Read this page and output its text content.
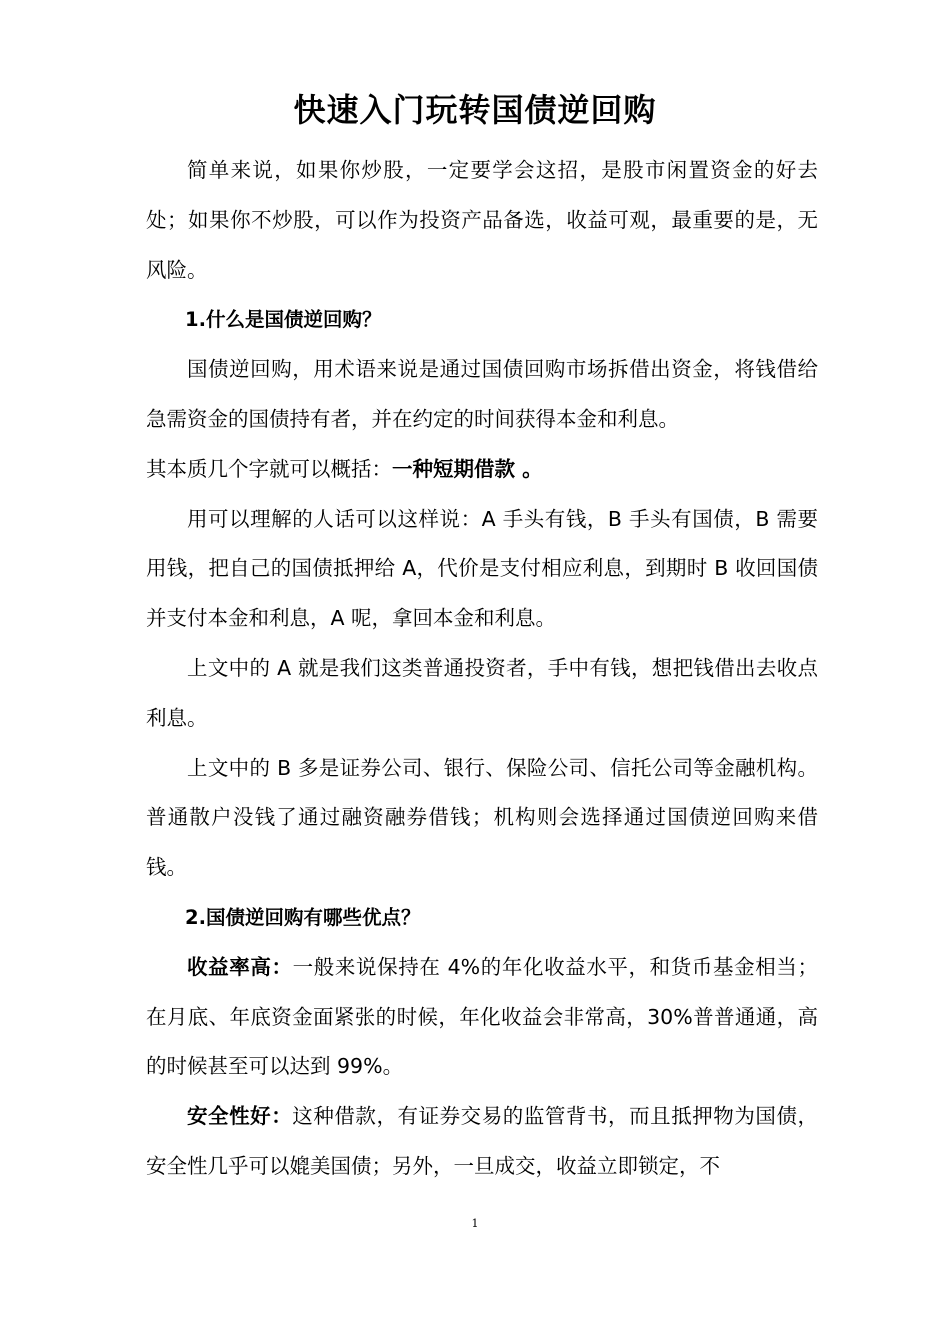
快速入门玩转国债逆回购

简单来说，如果你炒股，一定要学会这招，是股市闲置资金的好去处；如果你不炒股，可以作为投资产品备选，收益可观，最重要的是，无风险。

1.什么是国债逆回购？

国债逆回购，用术语来说是通过国债回购市场拆借出资金，将钱借给急需资金的国债持有者，并在约定的时间获得本金和利息。

其本质几个字就可以概括：一种短期借款 。

用可以理解的人话可以这样说：A 手头有钱，B 手头有国债，B 需要用钱，把自己的国债抵押给 A，代价是支付相应利息，到期时 B 收回国债并支付本金和利息，A 呢，拿回本金和利息。

上文中的 A 就是我们这类普通投资者，手中有钱，想把钱借出去收点利息。

上文中的 B 多是证券公司、银行、保险公司、信托公司等金融机构。普通散户没钱了通过融资融券借钱；机构则会选择通过国债逆回购来借钱。

2.国债逆回购有哪些优点？

收益率高：一般来说保持在 4%的年化收益水平，和货币基金相当；在月底、年底资金面紧张的时候，年化收益会非常高，30%普普通通，高的时候甚至可以达到 99%。

安全性好：这种借款，有证券交易的监管背书，而且抵押物为国债，安全性几乎可以媲美国债；另外，一旦成交，收益立即锁定，不

1
